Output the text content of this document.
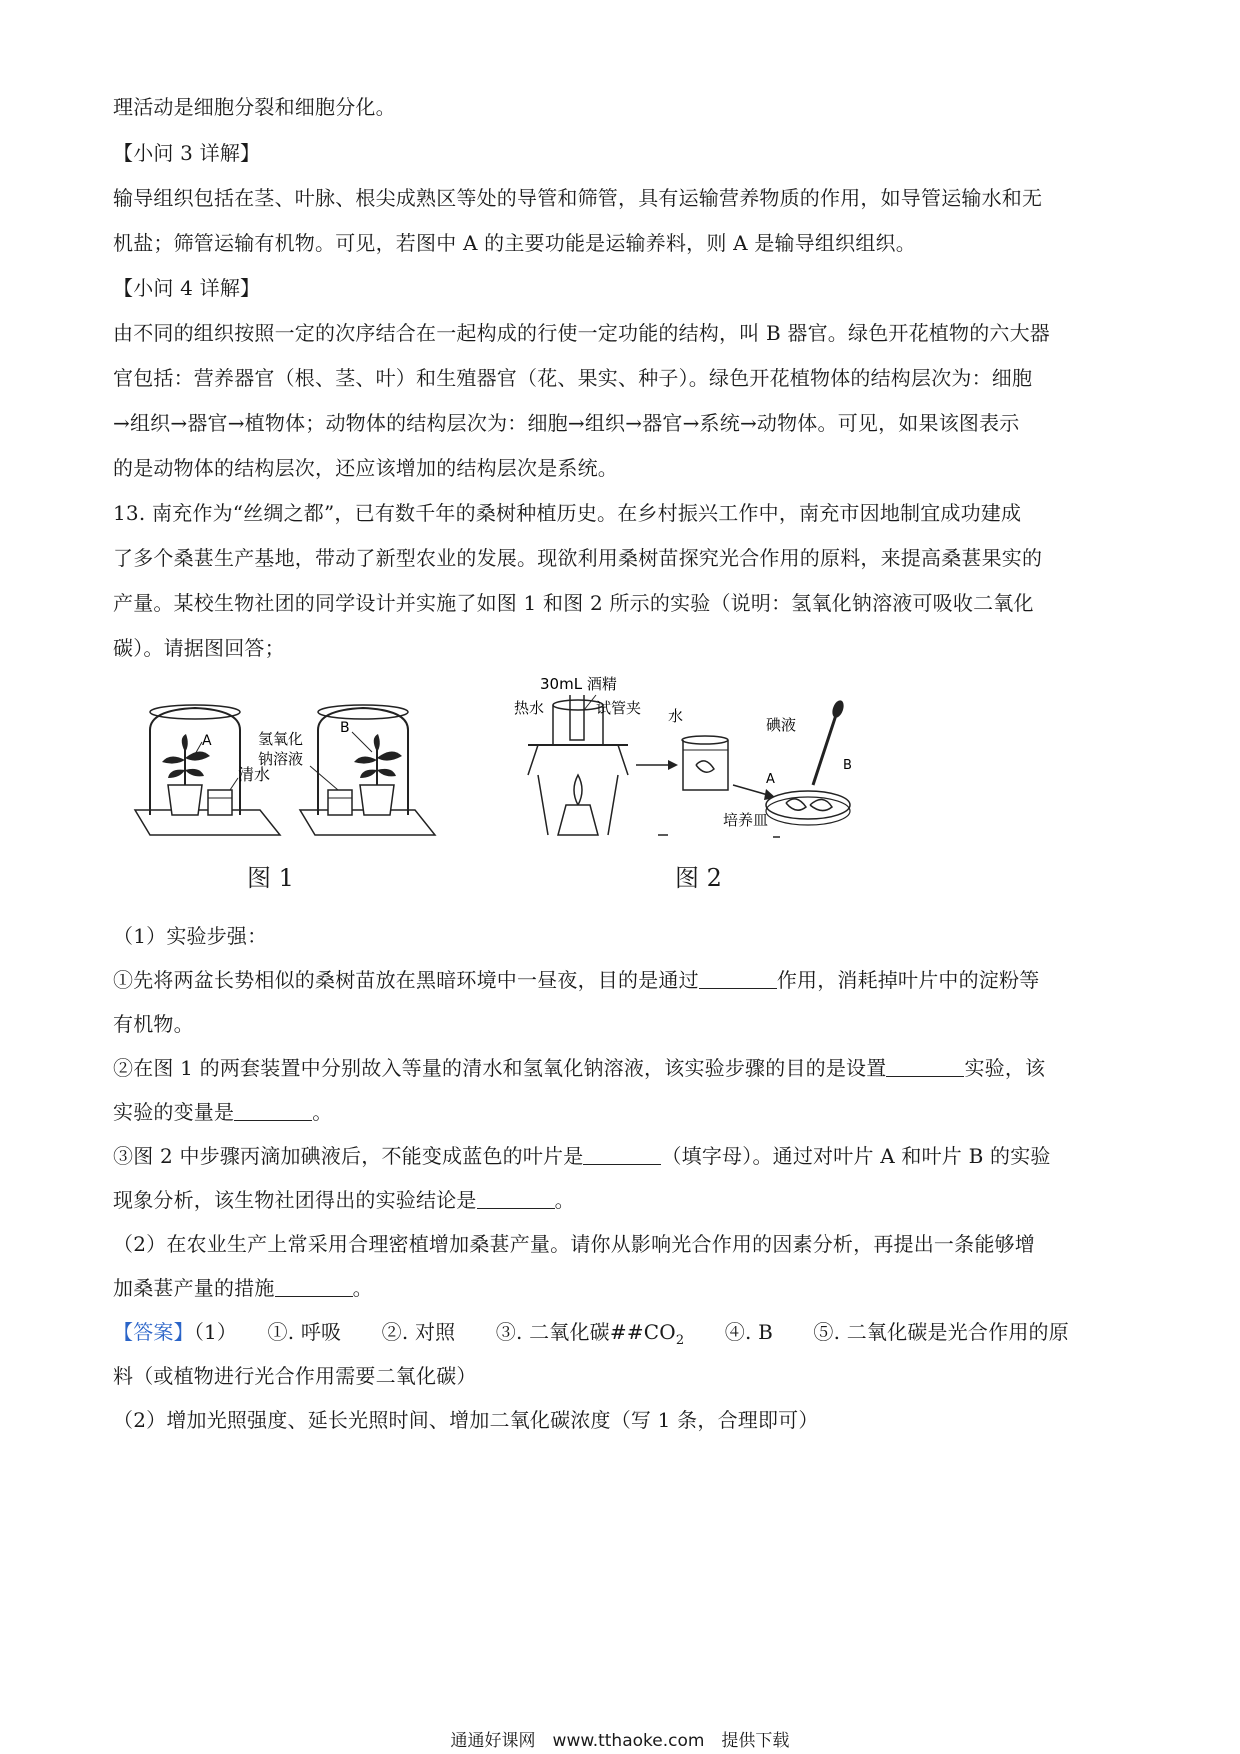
理活动是细胞分裂和细胞分化。
【小问 3 详解】
输导组织包括在茎、叶脉、根尖成熟区等处的导管和筛管，具有运输营养物质的作用，如导管运输水和无
机盐；筛管运输有机物。可见，若图中 A 的主要功能是运输养料，则 A 是输导组织组织。
【小问 4 详解】
由不同的组织按照一定的次序结合在一起构成的行使一定功能的结构，叫 B 器官。绿色开花植物的六大器
官包括：营养器官（根、茎、叶）和生殖器官（花、果实、种子）。绿色开花植物体的结构层次为：细胞
→组织→器官→植物体；动物体的结构层次为：细胞→组织→器官→系统→动物体。可见，如果该图表示
的是动物体的结构层次，还应该增加的结构层次是系统。
13. 南充作为“丝绸之都”，已有数千年的桑树种植历史。在乡村振兴工作中，南充市因地制宜成功建成
了多个桑葚生产基地，带动了新型农业的发展。现欲利用桑树苗探究光合作用的原料，来提高桑葚果实的
产量。某校生物社团的同学设计并实施了如图 1 和图 2 所示的实验（说明：氢氧化钠溶液可吸收二氧化
碳）。请据图回答；
A
B
清水
氢氧化
钠溶液
图 1
30mL 酒精
热水	试管夹 水	碘液
A
B
培养皿
图 2
（1）实验步强：
①先将两盆长势相似的桑树苗放在黑暗环境中一昼夜，目的是通过	作用，消耗掉叶片中的淀粉等
有机物。
②在图 1 的两套装置中分别故入等量的清水和氢氧化钠溶液，该实验步骤的目的是设置	实验，该
实验的变量是	。
③图 2 中步骤丙滴加碘液后，不能变成蓝色的叶片是	（填字母）。通过对叶片 A 和叶片 B 的实验
现象分析，该生物社团得出的实验结论是	。
（2）在农业生产上常采用合理密植增加桑葚产量。请你从影响光合作用的因素分析，再提出一条能够增
加桑葚产量的措施	。
【答案】（1）　　①. 呼吸　　②. 对照　　③. 二氧化碳$\#\#CO_2$　　④. B　　⑤. 二氧化碳是光合作用的原
料（或植物进行光合作用需要二氧化碳）
（2）增加光照强度、延长光照时间、增加二氧化碳浓度（写 1 条，合理即可）
通通好课网　www.tthaoke.com　提供下载
